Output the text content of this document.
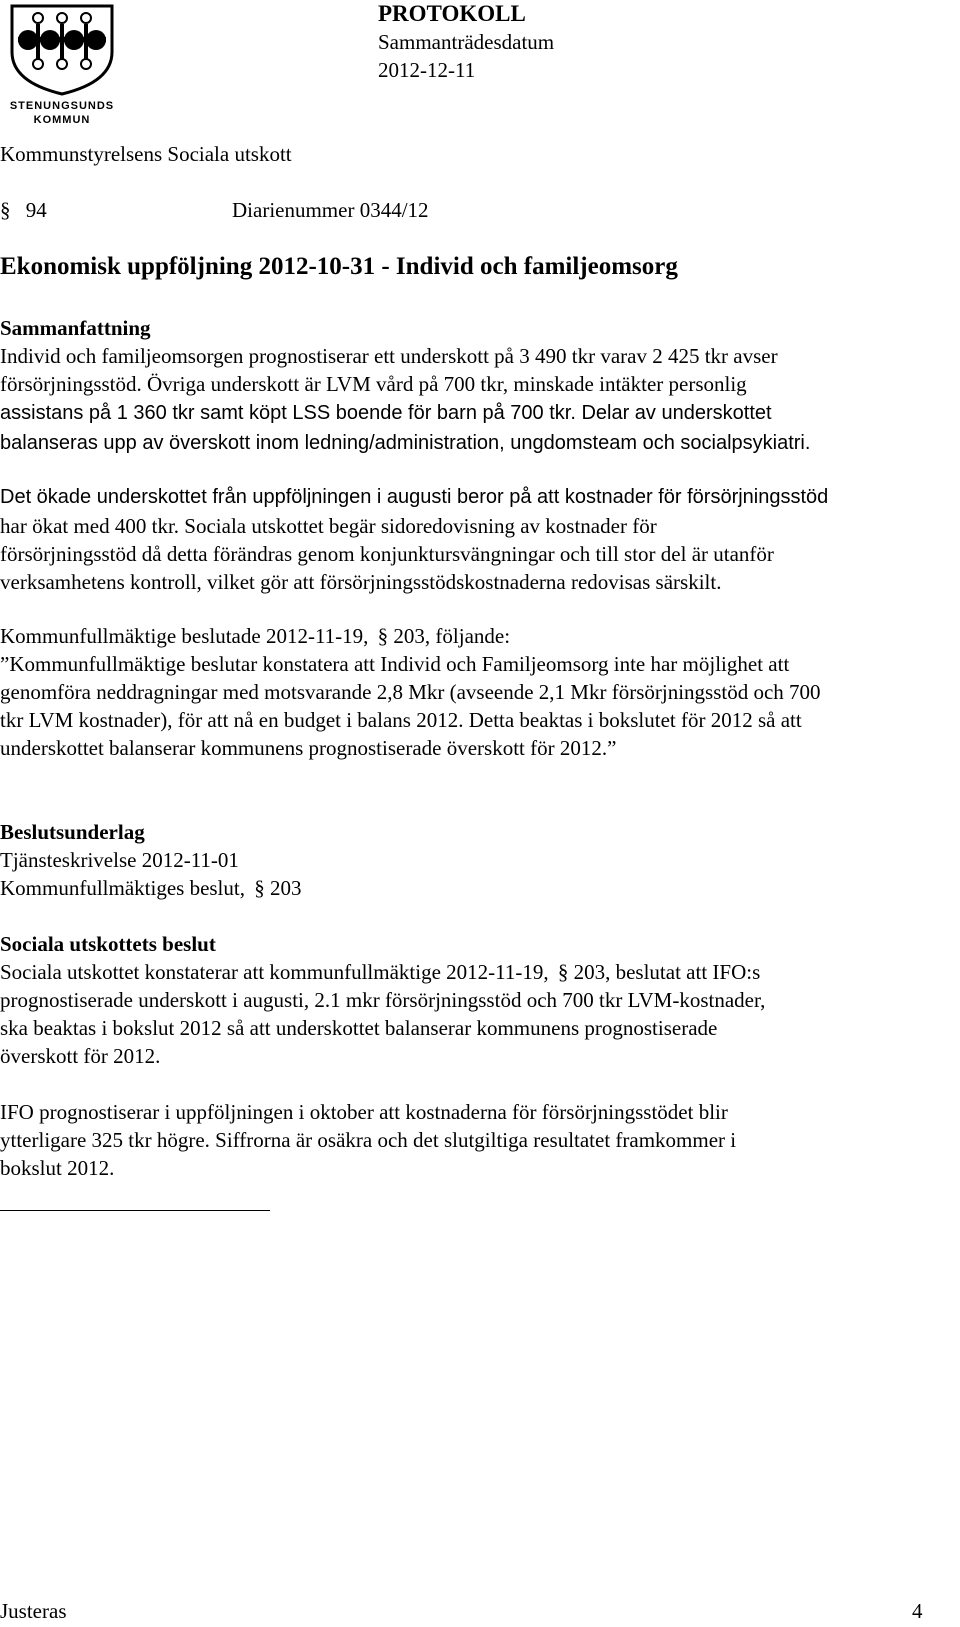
STENUNGSUNDS
KOMMUN
PROTOKOLL
Sammanträdesdatum
2012-12-11
Kommunstyrelsens Sociala utskott
§ 94	Diarienummer 0344/12
Ekonomisk uppföljning 2012-10-31 - Individ och familjeomsorg
Sammanfattning
Individ och familjeomsorgen prognostiserar ett underskott på 3 490 tkr varav 2 425 tkr avser
försörjningsstöd. Övriga underskott är LVM vård på 700 tkr, minskade intäkter personlig
assistans på 1 360 tkr samt köpt LSS boende för barn på 700 tkr. Delar av underskottet
balanseras upp av överskott inom ledning/administration, ungdomsteam och socialpsykiatri.
Det ökade underskottet från uppföljningen i augusti beror på att kostnader för försörjningsstöd
har ökat med 400 tkr. Sociala utskottet begär sidoredovisning av kostnader för
försörjningsstöd då detta förändras genom konjunktursvängningar och till stor del är utanför
verksamhetens kontroll, vilket gör att försörjningsstödskostnaderna redovisas särskilt.
Kommunfullmäktige beslutade 2012-11-19, § 203, följande:
”Kommunfullmäktige beslutar konstatera att Individ och Familjeomsorg inte har möjlighet att
genomföra neddragningar med motsvarande 2,8 Mkr (avseende 2,1 Mkr försörjningsstöd och 700
tkr LVM kostnader), för att nå en budget i balans 2012. Detta beaktas i bokslutet för 2012 så att
underskottet balanserar kommunens prognostiserade överskott för 2012.”
Beslutsunderlag
Tjänsteskrivelse 2012-11-01
Kommunfullmäktiges beslut, § 203
Sociala utskottets beslut
Sociala utskottet konstaterar att kommunfullmäktige 2012-11-19, § 203, beslutat att IFO:s
prognostiserade underskott i augusti, 2.1 mkr försörjningsstöd och 700 tkr LVM-kostnader,
ska beaktas i bokslut 2012 så att underskottet balanserar kommunens prognostiserade
överskott för 2012.
IFO prognostiserar i uppföljningen i oktober att kostnaderna för försörjningsstödet blir
ytterligare 325 tkr högre. Siffrorna är osäkra och det slutgiltiga resultatet framkommer i
bokslut 2012.
Justeras	4
